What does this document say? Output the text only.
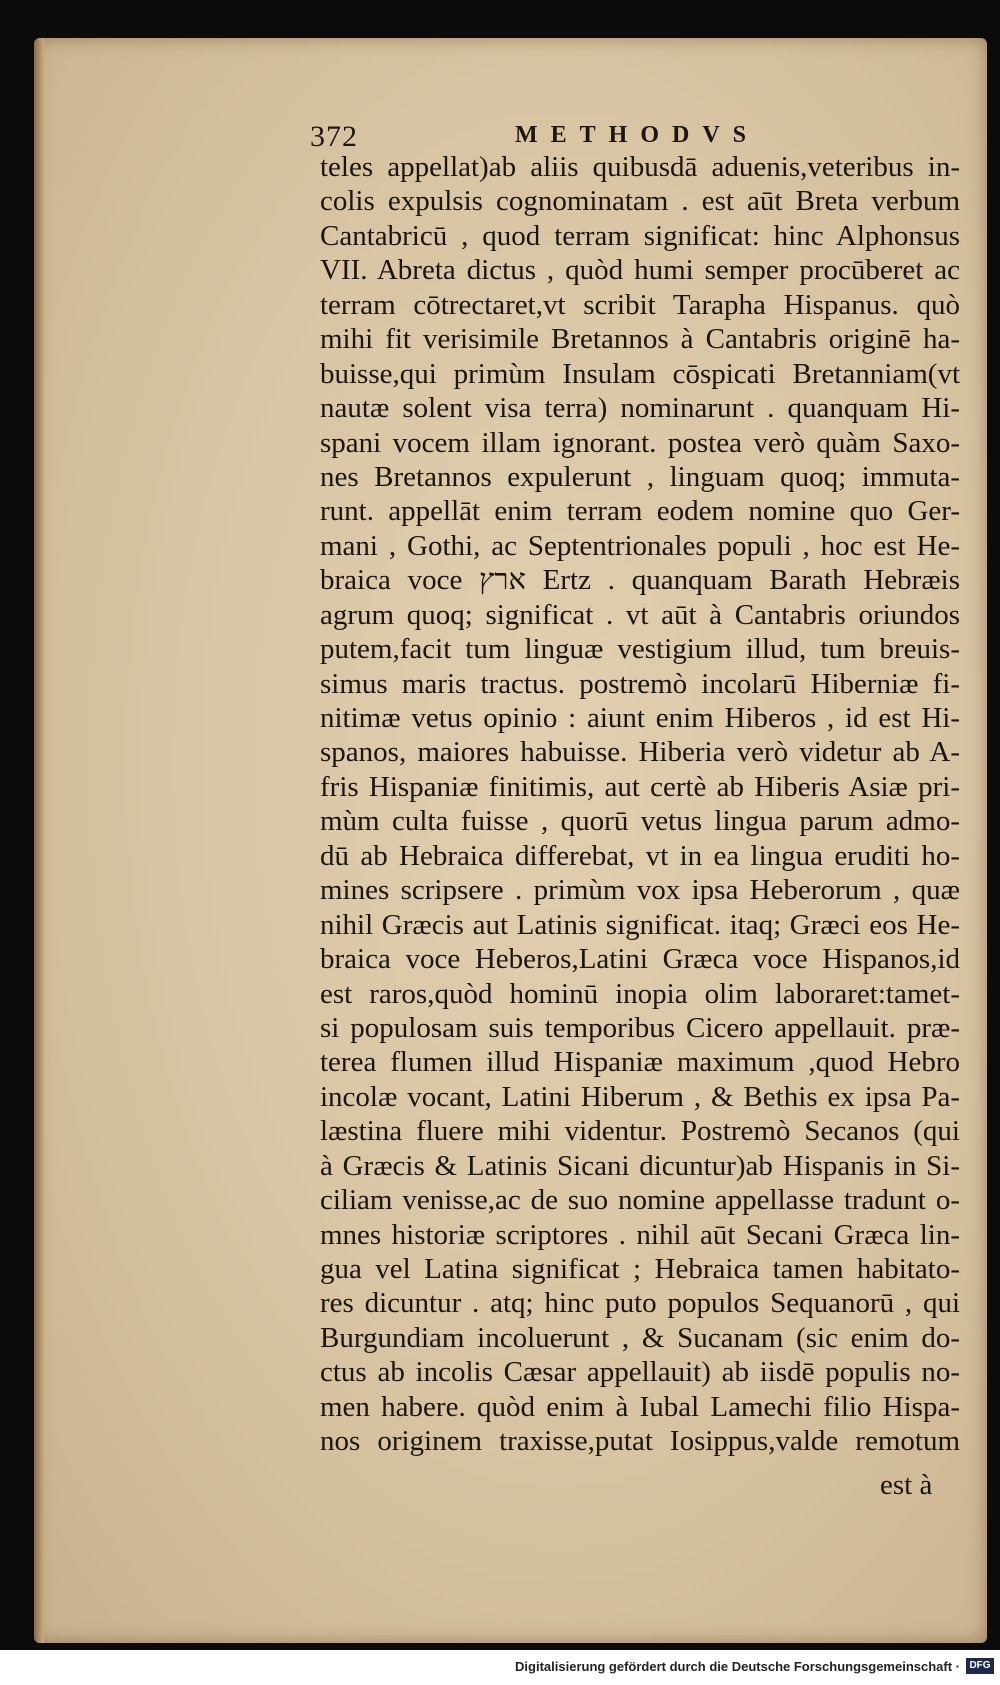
372	METHODVS
teles appellat)ab aliis quibusdā aduenis,veteribus in-
colis expulsis cognominatam . est aūt Breta verbum
Cantabricū , quod terram significat: hinc Alphonsus
VII. Abreta dictus , quòd humi semper procūberet ac
terram cōtrectaret,vt scribit Tarapha Hispanus. quò
mihi fit verisimile Bretannos à Cantabris originē ha-
buisse,qui primùm Insulam cōspicati Bretanniam(vt
nautæ solent visa terra) nominarunt . quanquam Hi-
spani vocem illam ignorant. postea verò quàm Saxo-
nes Bretannos expulerunt , linguam quoq; immuta-
runt. appellāt enim terram eodem nomine quo Ger-
mani , Gothi, ac Septentrionales populi , hoc est He-
braica voce ארץ Ertz . quanquam Barath Hebræis
agrum quoq; significat . vt aūt à Cantabris oriundos
putem,facit tum linguæ vestigium illud, tum breuis-
simus maris tractus. postremò incolarū Hiberniæ fi-
nitimæ vetus opinio : aiunt enim Hiberos , id est Hi-
spanos, maiores habuisse. Hiberia verò videtur ab A-
fris Hispaniæ finitimis, aut certè ab Hiberis Asiæ pri-
mùm culta fuisse , quorū vetus lingua parum admo-
dū ab Hebraica differebat, vt in ea lingua eruditi ho-
mines scripsere . primùm vox ipsa Heberorum , quæ
nihil Græcis aut Latinis significat. itaq; Græci eos He-
braica voce Heberos,Latini Græca voce Hispanos,id
est raros,quòd hominū inopia olim laboraret:tamet-
si populosam suis temporibus Cicero appellauit. præ-
terea flumen illud Hispaniæ maximum ,quod Hebro
incolæ vocant, Latini Hiberum , & Bethis ex ipsa Pa-
læstina fluere mihi videntur. Postremò Secanos (qui
à Græcis & Latinis Sicani dicuntur)ab Hispanis in Si-
ciliam venisse,ac de suo nomine appellasse tradunt o-
mnes historiæ scriptores . nihil aūt Secani Græca lin-
gua vel Latina significat ; Hebraica tamen habitato-
res dicuntur . atq; hinc puto populos Sequanorū , qui
Burgundiam incoluerunt , & Sucanam (sic enim do-
ctus ab incolis Cæsar appellauit) ab iisdē populis no-
men habere. quòd enim à Iubal Lamechi filio Hispa-
nos originem traxisse,putat Iosippus,valde remotum
est à
Digitalisierung gefördert durch die Deutsche Forschungsgemeinschaft · DFG
